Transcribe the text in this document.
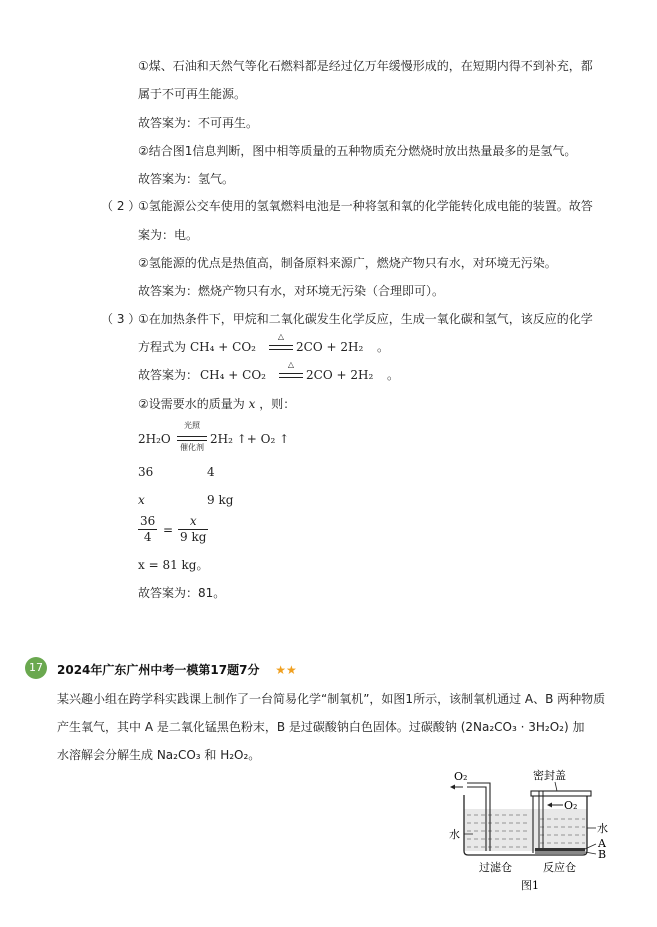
①煤、石油和天然气等化石燃料都是经过亿万年缓慢形成的，在短期内得不到补充，都
属于不可再生能源。
故答案为：不可再生。
②结合图1信息判断，图中相等质量的五种物质充分燃烧时放出热量最多的是氢气。
故答案为：氢气。
（ 2 ）
①氢能源公交车使用的氢氧燃料电池是一种将氢和氧的化学能转化成电能的装置。故答
案为：电。
②氢能源的优点是热值高，制备原料来源广，燃烧产物只有水，对环境无污染。
故答案为：燃烧产物只有水，对环境无污染（合理即可）。
（ 3 ）
①在加热条件下，甲烷和二氧化碳发生化学反应，生成一氧化碳和氢气，该反应的化学
方程式为 CH₄ + CO₂
△
2CO + 2H₂ 。
故答案为： CH₄ + CO₂
△
2CO + 2H₂ 。
②设需要水的质量为 x ，则：
2H₂O
光照
催化剂
2H₂ ↑+ O₂ ↑
36	4
x	9 kg
$\frac{36}{4} = \frac{x}{9 kg}$
x = 81 kg。
故答案为：81。
17	2024年广东广州中考一模第17题7分 ★★
某兴趣小组在跨学科实践课上制作了一台简易化学“制氧机”，如图1所示，该制氧机通过 A、B 两种物质
产生氧气，其中 A 是二氧化锰黑色粉末，B 是过碳酸钠白色固体。过碳酸钠 (2Na₂CO₃ · 3H₂O₂) 加
水溶解会分解生成 Na₂CO₃ 和 H₂O₂。
O₂	密封盖
O₂
水	水
A
B
过滤仓	反应仓
图1
